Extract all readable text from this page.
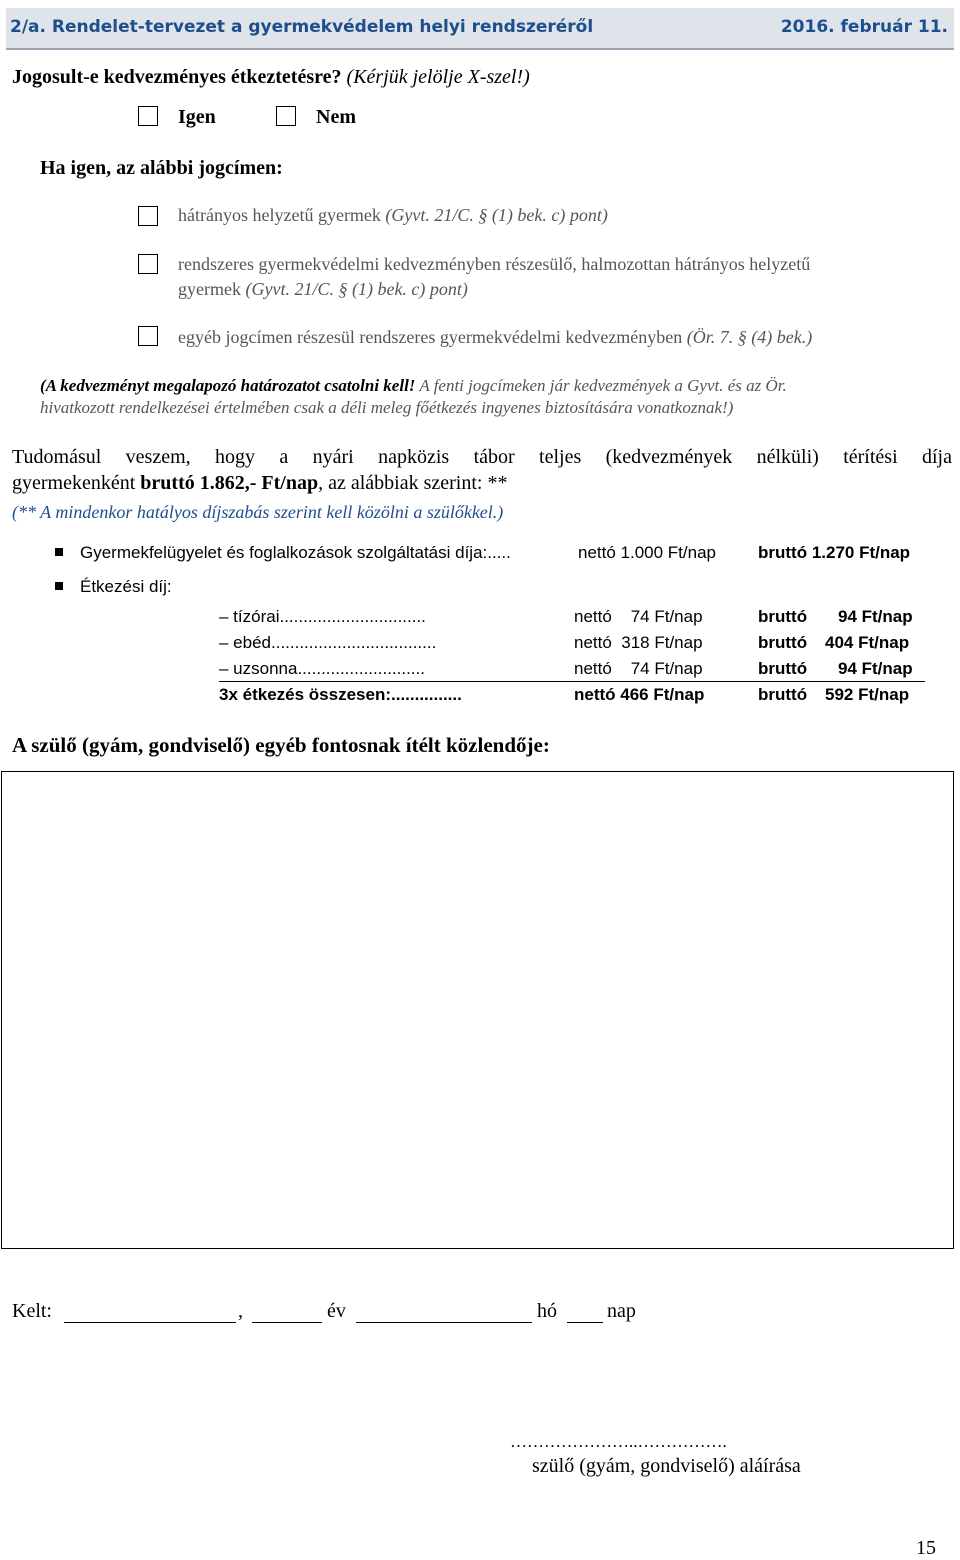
2/a. Rendelet-tervezet a gyermekvédelem helyi rendszeréről	2016. február 11.
Jogosult-e kedvezményes étkeztetésre? (Kérjük jelölje X-szel!)
Igen	Nem
Ha igen, az alábbi jogcímen:
hátrányos helyzetű gyermek (Gyvt. 21/C. § (1) bek. c) pont)
rendszeres gyermekvédelmi kedvezményben részesülő, halmozottan hátrányos helyzetű
gyermek (Gyvt. 21/C. § (1) bek. c) pont)
egyéb jogcímen részesül rendszeres gyermekvédelmi kedvezményben (Ör. 7. § (4) bek.)
(A kedvezményt megalapozó határozatot csatolni kell! A fenti jogcímeken jár kedvezmények a Gyvt. és az Ör.
hivatkozott rendelkezései értelmében csak a déli meleg főétkezés ingyenes biztosítására vonatkoznak!)
Tudomásul veszem, hogy a nyári napközis tábor teljes (kedvezmények nélküli) térítési díja
gyermekenként bruttó 1.862,- Ft/nap, az alábbiak szerint: **
(** A mindenkor hatályos díjszabás szerint kell közölni a szülőkkel.)
Gyermekfelügyelet és foglalkozások szolgáltatási díja:.....	nettó 1.000 Ft/nap bruttó 1.270 Ft/nap
Étkezési díj:
– tízórai...............................	nettó    74 Ft/nap	bruttó 94 Ft/nap
– ebéd...................................	nettó  318 Ft/nap	bruttó 404 Ft/nap
– uzsonna...........................	nettó    74 Ft/nap	bruttó 94 Ft/nap
3x étkezés összesen:...............	nettó 466 Ft/nap	bruttó 592 Ft/nap
A szülő (gyám, gondviselő) egyéb fontosnak ítélt közlendője:
Kelt:	,	év	hó	nap
…………………..…………….
szülő (gyám, gondviselő) aláírása
15
